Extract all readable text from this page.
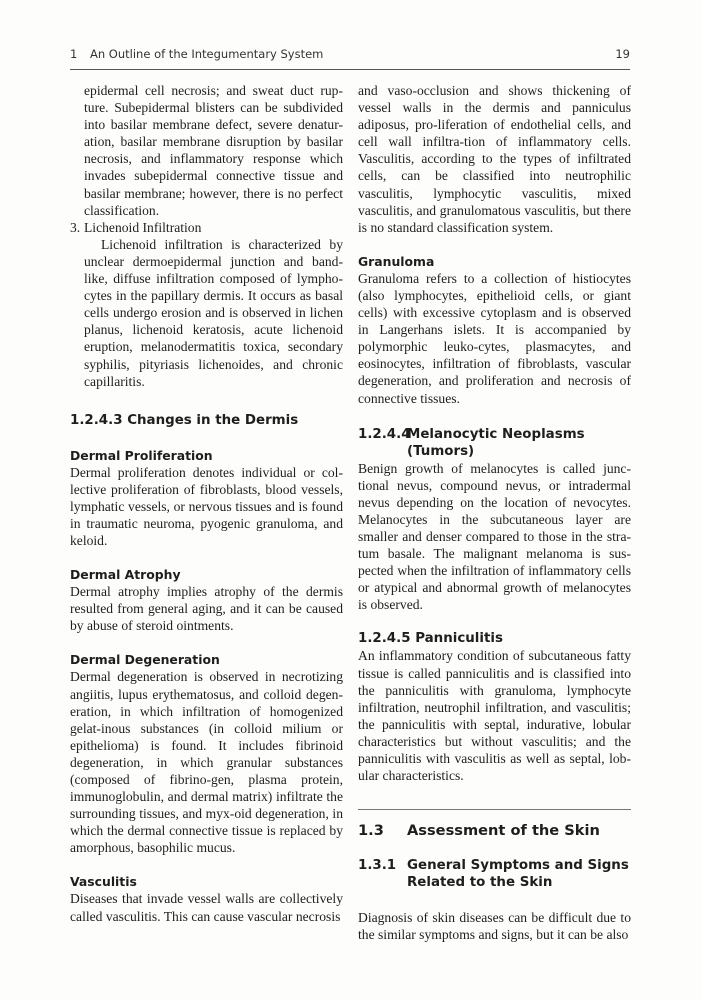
1 An Outline of the Integumentary System	19

epidermal cell necrosis; and sweat duct rup-ture. Subepidermal blisters can be subdivided into basilar membrane defect, severe denatur-ation, basilar membrane disruption by basilar necrosis, and inflammatory response which invades subepidermal connective tissue and basilar membrane; however, there is no perfect classification.

3. Lichenoid Infiltration

Lichenoid infiltration is characterized by unclear dermoepidermal junction and band-like, diffuse infiltration composed of lympho-cytes in the papillary dermis. It occurs as basal cells undergo erosion and is observed in lichen planus, lichenoid keratosis, acute lichenoid eruption, melanodermatitis toxica, secondary syphilis, pityriasis lichenoides, and chronic capillaritis.

1.2.4.3 Changes in the Dermis
Dermal Proliferation

Dermal proliferation denotes individual or col-lective proliferation of fibroblasts, blood vessels, lymphatic vessels, or nervous tissues and is found in traumatic neuroma, pyogenic granuloma, and keloid.

Dermal Atrophy

Dermal atrophy implies atrophy of the dermis resulted from general aging, and it can be caused by abuse of steroid ointments.

Dermal Degeneration

Dermal degeneration is observed in necrotizing angiitis, lupus erythematosus, and colloid degen-eration, in which infiltration of homogenized gelat-inous substances (in colloid milium or epithelioma) is found. It includes fibrinoid degeneration, in which granular substances (composed of fibrino-gen, plasma protein, immunoglobulin, and dermal matrix) infiltrate the surrounding tissues, and myx-oid degeneration, in which the dermal connective tissue is replaced by amorphous, basophilic mucus.

Vasculitis

Diseases that invade vessel walls are collectively called vasculitis. This can cause vascular necrosis

and vaso-occlusion and shows thickening of vessel walls in the dermis and panniculus adiposus, pro-liferation of endothelial cells, and cell wall infiltra-tion of inflammatory cells. Vasculitis, according to the types of infiltrated cells, can be classified into neutrophilic vasculitis, lymphocytic vasculitis, mixed vasculitis, and granulomatous vasculitis, but there is no standard classification system.

Granuloma

Granuloma refers to a collection of histiocytes (also lymphocytes, epithelioid cells, or giant cells) with excessive cytoplasm and is observed in Langerhans islets. It is accompanied by polymorphic leuko-cytes, plasmacytes, and eosinocytes, infiltration of fibroblasts, vascular degeneration, and proliferation and necrosis of connective tissues.

1.2.4.4
Melanocytic Neoplasms (Tumors)

Benign growth of melanocytes is called junc-tional nevus, compound nevus, or intradermal nevus depending on the location of nevocytes. Melanocytes in the subcutaneous layer are smaller and denser compared to those in the stra-tum basale. The malignant melanoma is sus-pected when the infiltration of inflammatory cells or atypical and abnormal growth of melanocytes is observed.

1.2.4.5 Panniculitis

An inflammatory condition of subcutaneous fatty tissue is called panniculitis and is classified into the panniculitis with granuloma, lymphocyte infiltration, neutrophil infiltration, and vasculitis; the panniculitis with septal, indurative, lobular characteristics but without vasculitis; and the panniculitis with vasculitis as well as septal, lob-ular characteristics.

1.3	Assessment of the Skin
1.3.1 General Symptoms and Signs Related to the Skin

Diagnosis of skin diseases can be difficult due to the similar symptoms and signs, but it can be also
